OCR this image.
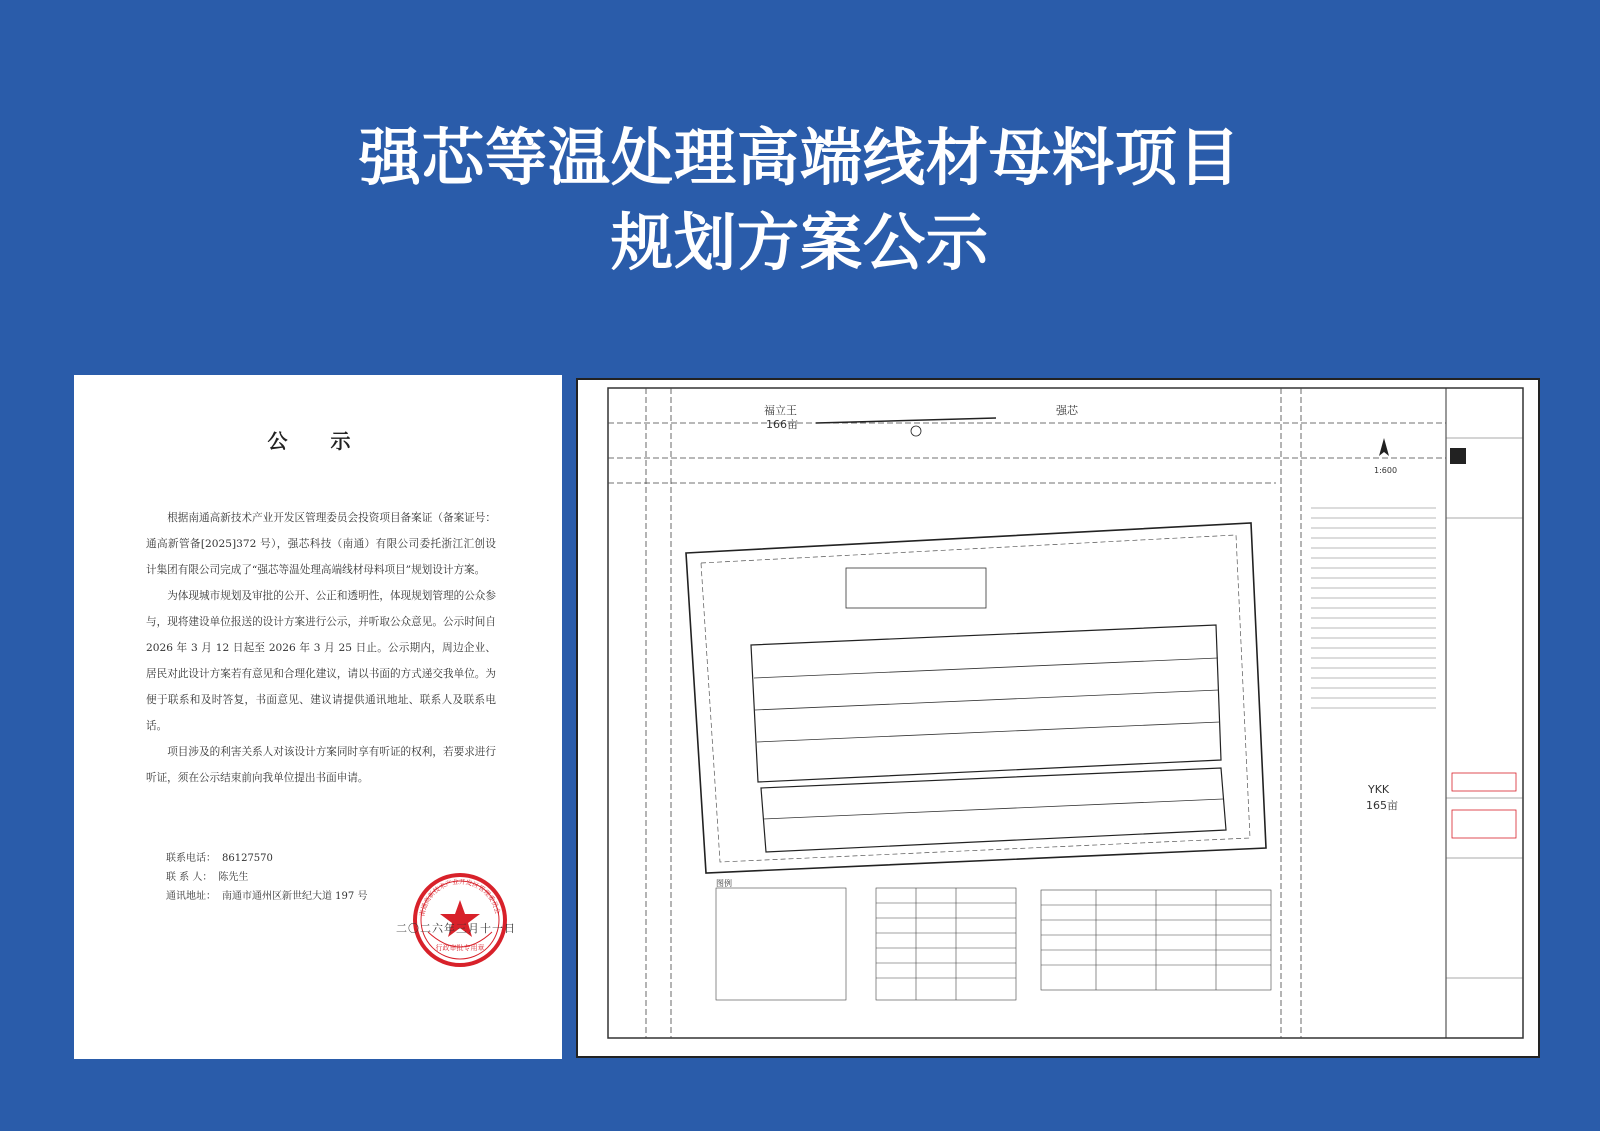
强芯等温处理高端线材母料项目
规划方案公示
公 示

根据南通高新技术产业开发区管理委员会投资项目备案证（备案证号：通高新管备[2025]372 号），强芯科技（南通）有限公司委托浙江汇创设计集团有限公司完成了“强芯等温处理高端线材母料项目”规划设计方案。

为体现城市规划及审批的公开、公正和透明性，体现规划管理的公众参与，现将建设单位报送的设计方案进行公示，并听取公众意见。公示时间自 2026 年 3 月 12 日起至 2026 年 3 月 25 日止。公示期内，周边企业、居民对此设计方案若有意见和合理化建议，请以书面的方式递交我单位。为便于联系和及时答复，书面意见、建议请提供通讯地址、联系人及联系电话。

项目涉及的利害关系人对该设计方案同时享有听证的权利，若要求进行听证，须在公示结束前向我单位提出书面申请。

联系电话： 86127570
联 系 人： 陈先生
通讯地址： 南通市通州区新世纪大道 197 号
行政审批专用章
南通高新技术产业开发区管理委员会
二〇二六年三月十一日
福立王
166亩
强芯
YKK
165亩
1:600
图例
